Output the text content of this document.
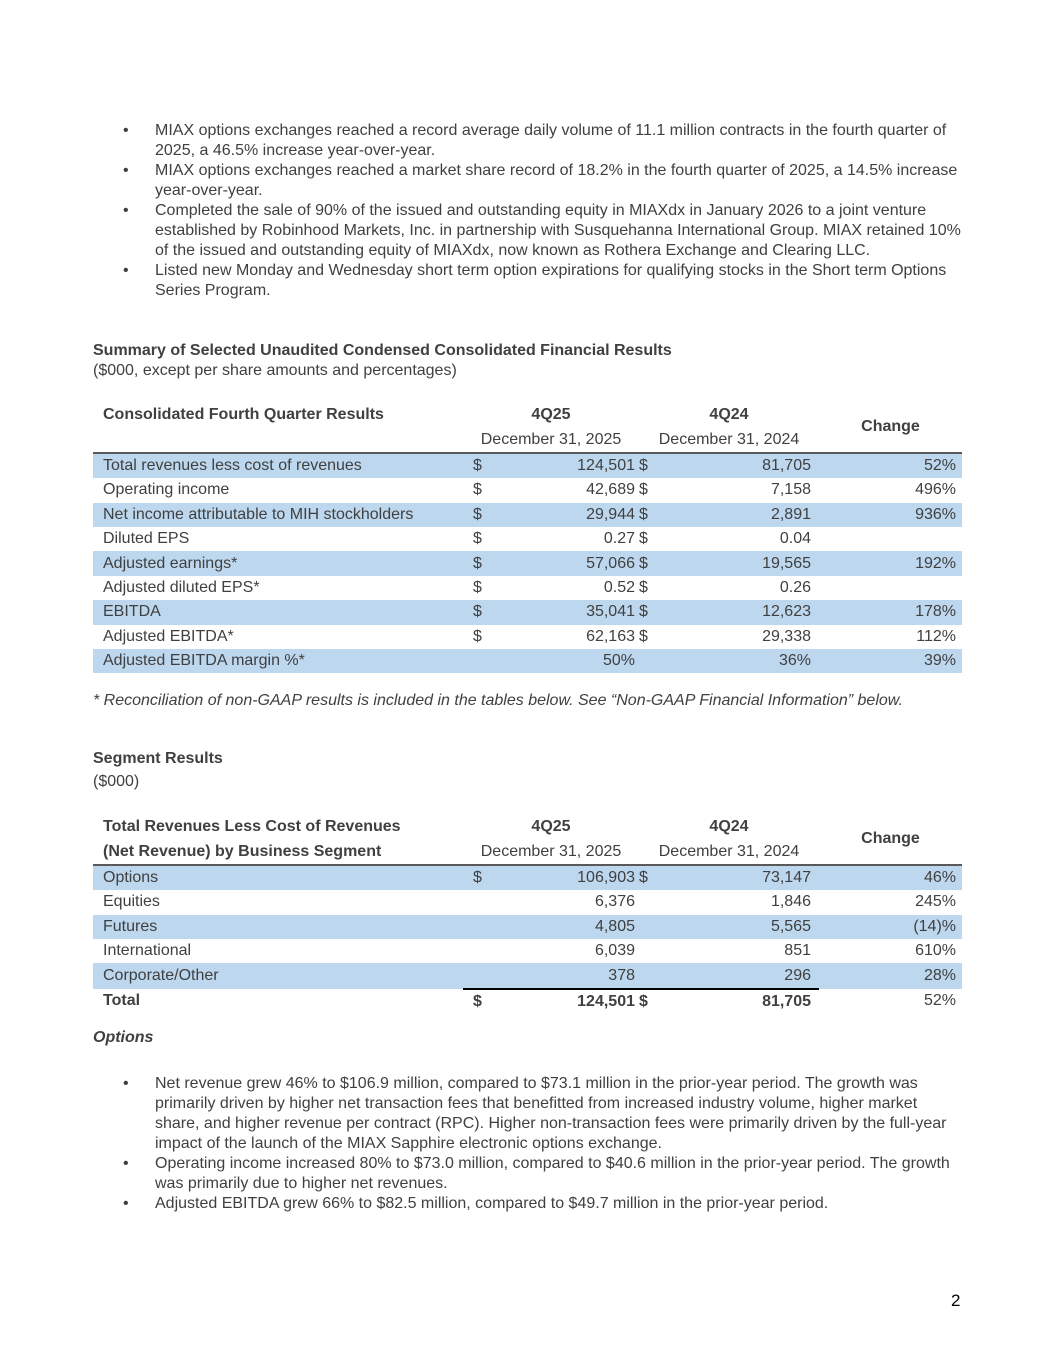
• MIAX options exchanges reached a record average daily volume of 11.1 million contracts in the fourth quarter of 2025, a 46.5% increase year-over-year.
• MIAX options exchanges reached a market share record of 18.2% in the fourth quarter of 2025, a 14.5% increase year-over-year.
• Completed the sale of 90% of the issued and outstanding equity in MIAXdx in January 2026 to a joint venture established by Robinhood Markets, Inc. in partnership with Susquehanna International Group. MIAX retained 10% of the issued and outstanding equity of MIAXdx, now known as Rothera Exchange and Clearing LLC.
• Listed new Monday and Wednesday short term option expirations for qualifying stocks in the Short term Options Series Program.
Summary of Selected Unaudited Condensed Consolidated Financial Results
($000, except per share amounts and percentages)
Consolidated Fourth Quarter Results	4Q25		4Q24		Change
	December 31, 2025		December 31, 2024		
Total revenues less cost of revenues	$	124,501	$	81,705	52%
Operating income	$	42,689	$	7,158	496%
Net income attributable to MIH stockholders	$	29,944	$	2,891	936%
Diluted EPS	$	0.27	$	0.04	
Adjusted earnings*	$	57,066	$	19,565	192%
Adjusted diluted EPS*	$	0.52	$	0.26	
EBITDA	$	35,041	$	12,623	178%
Adjusted EBITDA*	$	62,163	$	29,338	112%
Adjusted EBITDA margin %*		50%		36%	39%
* Reconciliation of non-GAAP results is included in the tables below. See “Non-GAAP Financial Information” below.
Segment Results
($000)
Total Revenues Less Cost of Revenues	4Q25		4Q24		Change
(Net Revenue) by Business Segment	December 31, 2025		December 31, 2024		
Options	$	106,903	$	73,147	46%
Equities		6,376		1,846	245%
Futures		4,805		5,565	(14)%
International		6,039		851	610%
Corporate/Other		378		296	28%
Total	$	124,501	$	81,705	52%
Options
• Net revenue grew 46% to $106.9 million, compared to $73.1 million in the prior-year period. The growth was primarily driven by higher net transaction fees that benefitted from increased industry volume, higher market share, and higher revenue per contract (RPC). Higher non-transaction fees were primarily driven by the full-year impact of the launch of the MIAX Sapphire electronic options exchange.
• Operating income increased 80% to $73.0 million, compared to $40.6 million in the prior-year period. The growth was primarily due to higher net revenues.
• Adjusted EBITDA grew 66% to $82.5 million, compared to $49.7 million in the prior-year period.
2
